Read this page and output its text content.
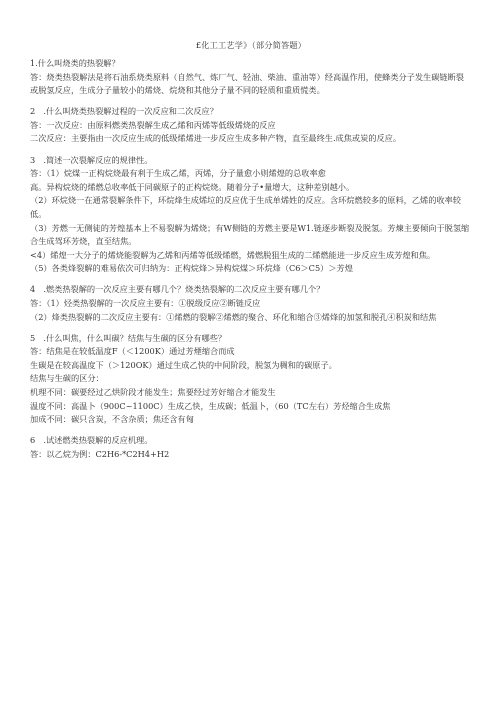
£化工工艺学》（部分简答题）

1.什么叫烧类的热裂解？

答：烧类热裂解法是将石油系烧类原料（自然气、炼厂气、轻油、柴油、重油等）经高温作用，使蜂类分子发生碳链断裂或脱氢反应，生成分子量较小的烯烧、烷烧和其他分子量不同的轻质和重质慌类。

2　.什么叫烧类热裂解过程的一次反应和二次反应？

答：一次反应：由原料燃类热裂解生成乙烯和丙烯等低级烯烧的反应

二次反应：主要指由一次反应生成的低级烯烯进一步反应生成多种产物，直至最终生.成焦或炭的反应。

3　.简述一次裂解反应的规律性。

答：（1）烷煤一正构烷烧最有利于生成乙烯，丙烯，分子量愈小则烯煌的总收率愈

高。异构烷烧的烯燃总收率低于同碳原子的正构烷烧。随着分子•量增大，这种差别越小。

（2）环烷烧一在通常裂解条件下，环烷烽生成烯垃的反应优于生成单烯姓的反应。含环烷燃较多的原料，乙烯的收率较低。

（3）芳燃一无侧徒的芳煌基本上不易裂解为烯烧；有W侧链的芳燃主要是W1.链逐步断裂及脱氢。芳煉主要倾向于脱氢缩合生成驾环芳烧，直至结焦。

<4）烯煌一大分子的烯烧能裂解为乙烯和丙烯等低级烯燃，烯燃脱狙生成的二烯燃能进一步反应生成芳煌和焦。

（5）各类烽裂解的难易依次可归纳为：正构烷烽＞异构烷煤＞环烷烽（C6＞C5）＞芳煌

4　.燃类热裂解的一次反应主要有哪几个？烧类热裂解的二次反应主要有哪几个？

答：（1）烃类热裂解的一次反应主要有：①脱级反应②断链反应

（2）烽类热裂解的二次反应主要有：①烯燃的裂解②烯燃的聚合、环化和缩合③烯烽的加氢和脱孔④积炭和结焦

5　.什么叫焦，什么叫碳？结焦与生碳的区分有哪些？

答：结焦是在较低温度F（＜1200K）通过芳煙缩合而成

生碳是在较高温度下（＞120OK）通过生成乙快的中间阶段，脱氢为稠和的碳原子。

结焦与生碳的区分：

机理不同：碳要经过乙烘阶段才能发生；焦要经过芳好缩合才能发生

温度不同：高温卜（900C~1100C）生成乙快，生成碳；低温卜，（60（TC左右）芳烃缩合生成焦

加成不同：碳只含炭，不含杂质；焦还含有匈

6　.试述燃类热裂解的反应机理。

答：以乙烷为例：C2H6-*C2H4+H2
